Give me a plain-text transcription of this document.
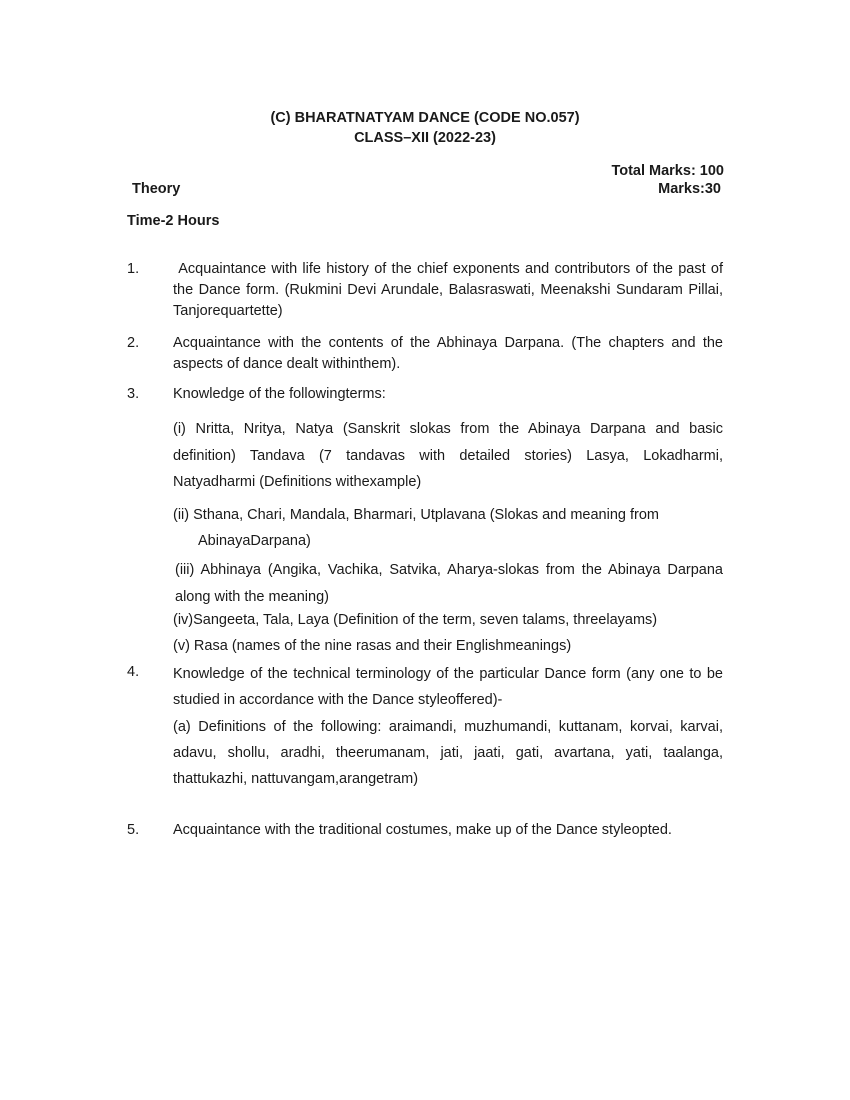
(C) BHARATNATYAM DANCE (CODE NO.057)
CLASS–XII (2022-23)
Total Marks: 100
Theory	Marks:30
Time-2 Hours
1. Acquaintance with life history of the chief exponents and contributors of the past of the Dance form. (Rukmini Devi Arundale, Balasraswati, Meenakshi Sundaram Pillai, Tanjorequartette)
2. Acquaintance with the contents of the Abhinaya Darpana. (The chapters and the aspects of dance dealt withinthem).
3. Knowledge of the followingterms:
(i) Nritta, Nritya, Natya (Sanskrit slokas from the Abinaya Darpana and basic definition) Tandava (7 tandavas with detailed stories) Lasya, Lokadharmi, Natyadharmi (Definitions withexample)
(ii) Sthana, Chari, Mandala, Bharmari, Utplavana (Slokas and meaning from
AbinayaDarpana)
(iii) Abhinaya (Angika, Vachika, Satvika, Aharya-slokas from the Abinaya Darpana along with the meaning)
(iv)Sangeeta, Tala, Laya (Definition of the term, seven talams, threelayams)
(v) Rasa (names of the nine rasas and their Englishmeanings)
4. Knowledge of the technical terminology of the particular Dance form (any one to be studied in accordance with the Dance styleoffered)-
(a) Definitions of the following: araimandi, muzhumandi, kuttanam, korvai, karvai, adavu, shollu, aradhi, theerumanam, jati, jaati, gati, avartana, yati, taalanga, thattukazhi, nattuvangam,arangetram)
5. Acquaintance with the traditional costumes, make up of the Dance styleopted.
